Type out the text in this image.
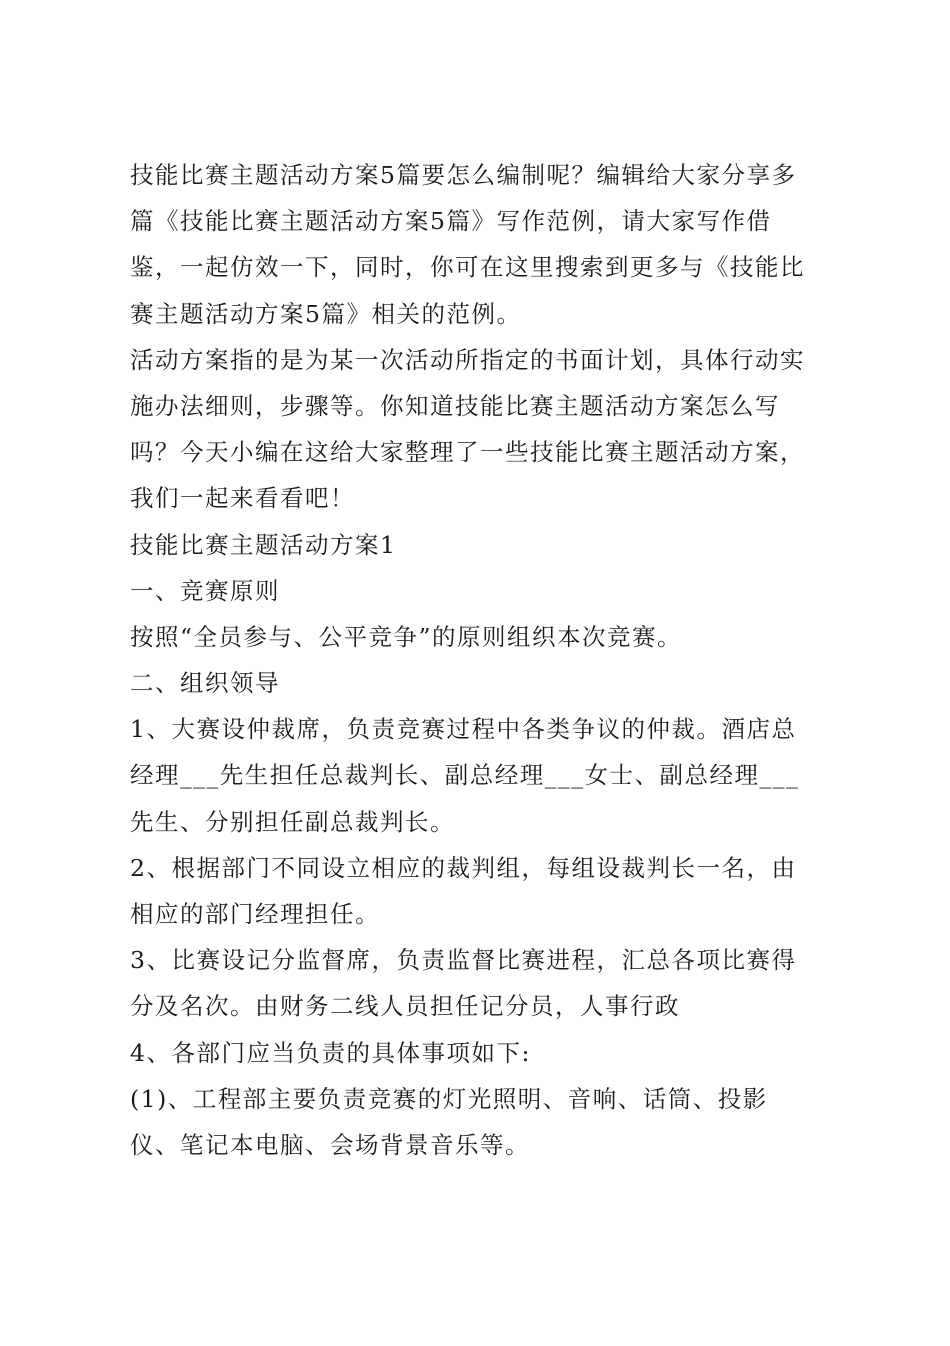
技能比赛主题活动方案5篇要怎么编制呢？编辑给大家分享多
篇《技能比赛主题活动方案5篇》写作范例，请大家写作借
鉴，一起仿效一下，同时，你可在这里搜索到更多与《技能比
赛主题活动方案5篇》相关的范例。
活动方案指的是为某一次活动所指定的书面计划，具体行动实
施办法细则，步骤等。你知道技能比赛主题活动方案怎么写
吗？今天小编在这给大家整理了一些技能比赛主题活动方案，
我们一起来看看吧！
技能比赛主题活动方案1
一、竞赛原则
按照“全员参与、公平竞争”的原则组织本次竞赛。
二、组织领导
1、大赛设仲裁席，负责竞赛过程中各类争议的仲裁。酒店总
经理___先生担任总裁判长、副总经理___女士、副总经理___
先生、分别担任副总裁判长。
2、根据部门不同设立相应的裁判组，每组设裁判长一名，由
相应的部门经理担任。
3、比赛设记分监督席，负责监督比赛进程，汇总各项比赛得
分及名次。由财务二线人员担任记分员，人事行政
4、各部门应当负责的具体事项如下:
(1)、工程部主要负责竞赛的灯光照明、音响、话筒、投影
仪、笔记本电脑、会场背景音乐等。
